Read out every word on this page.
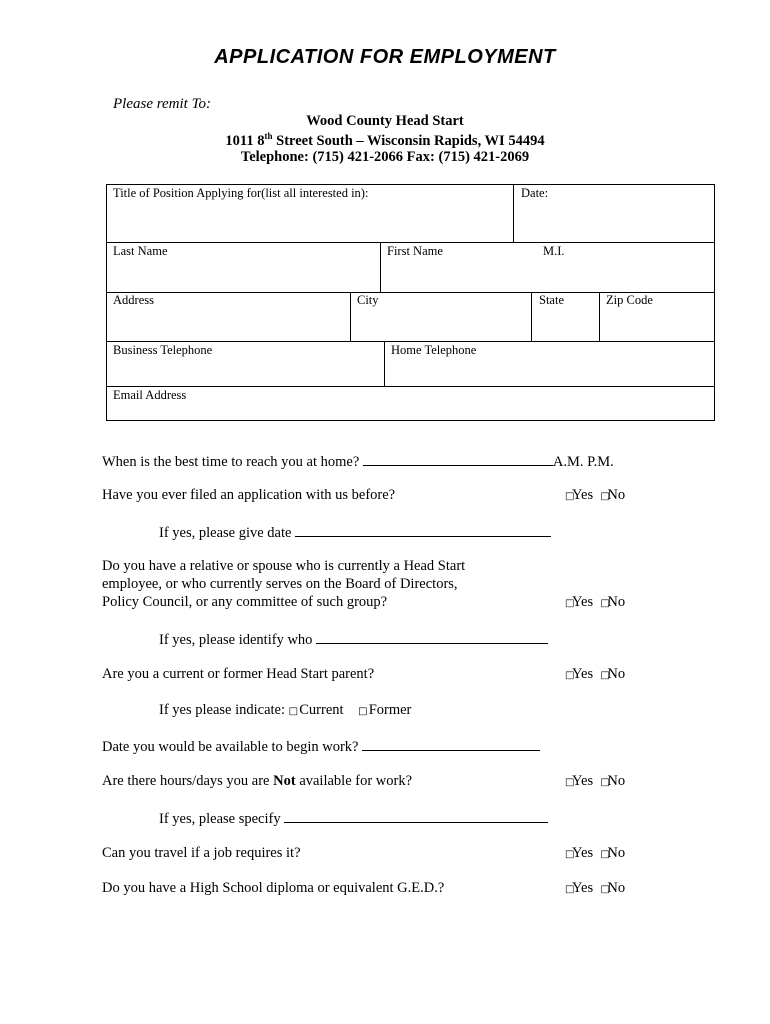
APPLICATION FOR EMPLOYMENT
Please remit To:
Wood County Head Start
1011 8th Street South – Wisconsin Rapids, WI 54494
Telephone: (715) 421-2066 Fax: (715) 421-2069
Title of Position Applying for(list all interested in):	Date:
Last Name	First Name	M.I.
Address	City	State	Zip Code
Business Telephone	Home Telephone
Email Address
When is the best time to reach you at home?	A.M. P.M.
Have you ever filed an application with us before?	□Yes □No
If yes, please give date
Do you have a relative or spouse who is currently a Head Start
employee, or who currently serves on the Board of Directors,
Policy Council, or any committee of such group?	□Yes □No
If yes, please identify who
Are you a current or former Head Start parent?	□Yes □No
If yes please indicate: □ Current □ Former
Date you would be available to begin work?
Are there hours/days you are Not available for work?	□Yes □No
If yes, please specify
Can you travel if a job requires it?	□Yes □No
Do you have a High School diploma or equivalent G.E.D.?	□Yes □No
